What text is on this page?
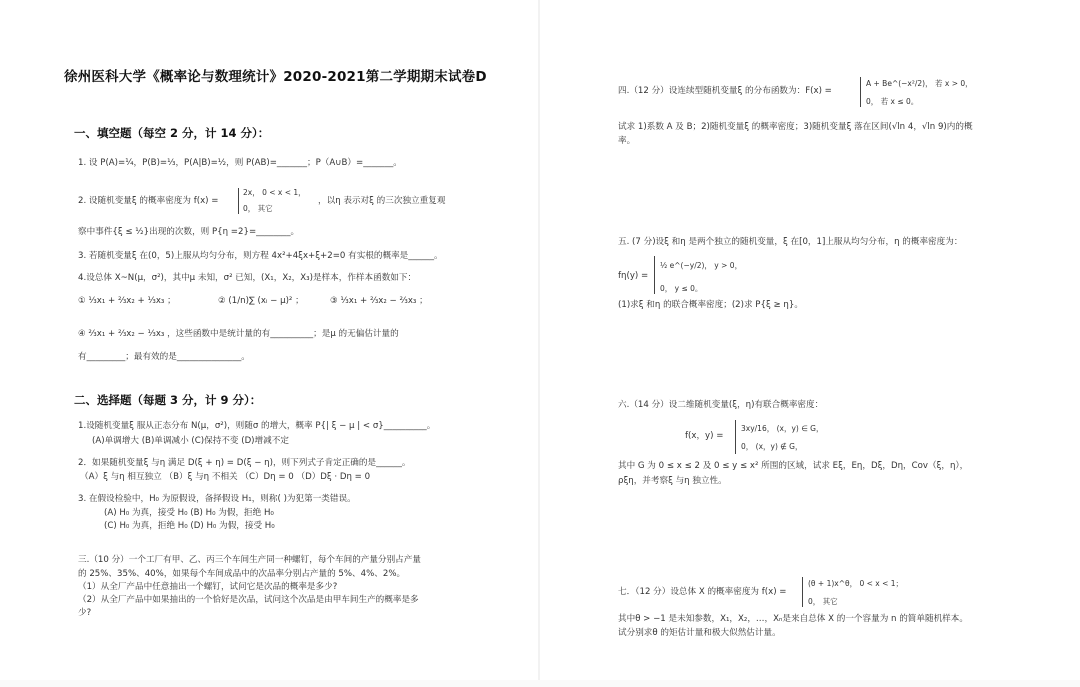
徐州医科大学《概率论与数理统计》2020-2021第二学期期末试卷D
一、填空题（每空 2 分，计 14 分）：
1. 设 P(A)=¼，P(B)=⅓，P(A|B)=½，则 P(AB)=_______；P（A∪B）=_______。
2. 设随机变量ξ 的概率密度为 f(x) =
2x， 0 < x < 1，
0， 其它
，以η 表示对ξ 的三次独立重复观
察中事件{ξ ≤ ½}出现的次数，则 P{η =2}=________。
3. 若随机变量ξ 在(0，5)上服从均匀分布，则方程 4x²+4ξx+ξ+2=0 有实根的概率是______。
4.设总体 X~N(μ，σ²)，其中μ 未知，σ² 已知，(X₁，X₂，X₃)是样本，作样本函数如下：
① ⅓x₁ + ⅔x₂ + ⅓x₃ ；	② (1/n)∑ (xᵢ − μ)² ；	③ ⅓x₁ + ⅔x₂ − ⅔x₃ ；
④ ⅔x₁ + ⅔x₂ − ⅓x₃ ，这些函数中是统计量的有__________；是μ 的无偏估计量的
有_________；最有效的是_______________。
二、选择题（每题 3 分，计 9 分）：
1.设随机变量ξ 服从正态分布 N(μ，σ²)，则随σ 的增大，概率 P{| ξ − μ | < σ}__________。
(A)单调增大 (B)单调减小 (C)保持不变 (D)增减不定
2．如果随机变量ξ 与η 满足 D(ξ + η) = D(ξ − η)，则下列式子肯定正确的是______。
（A）ξ 与η 相互独立 （B）ξ 与η 不相关 （C）Dη = 0 （D）Dξ · Dη = 0
3. 在假设检验中，H₀ 为原假设，备择假设 H₁，则称( )为犯第一类错误。
(A) H₀ 为真，接受 H₀ (B) H₀ 为假，拒绝 H₀
(C) H₀ 为真，拒绝 H₀ (D) H₀ 为假，接受 H₀
三.（10 分）一个工厂有甲、乙、丙三个车间生产同一种螺钉，每个车间的产量分别占产量
的 25%、35%、40%，如果每个车间成品中的次品率分别占产量的 5%、4%、2%。
（1）从全厂产品中任意抽出一个螺钉，试问它是次品的概率是多少?
（2）从全厂产品中如果抽出的一个恰好是次品，试问这个次品是由甲车间生产的概率是多
少?
四.（12 分）设连续型随机变量ξ 的分布函数为：F(x) =
A + Be^(−x²/2)， 若 x > 0，
0， 若 x ≤ 0。
试求 1)系数 A 及 B；2)随机变量ξ 的概率密度；3)随机变量ξ 落在区间(√ln 4，√ln 9)内的概
率。
五. (7 分)设ξ 和η 是两个独立的随机变量，ξ 在[0，1]上服从均匀分布，η 的概率密度为：
fη(y) =
½ e^(−y/2)， y > 0，
0， y ≤ 0。
(1)求ξ 和η 的联合概率密度；(2)求 P{ξ ≥ η}。
六.（14 分）设二维随机变量(ξ，η)有联合概率密度：
f(x，y) =
3xy/16， (x，y) ∈ G，
0， (x，y) ∉ G，
其中 G 为 0 ≤ x ≤ 2 及 0 ≤ y ≤ x² 所围的区域，试求 Eξ，Eη，Dξ，Dη，Cov（ξ，η），
ρξη，并考察ξ 与η 独立性。
七．（12 分）设总体 X 的概率密度为 f(x) =
(θ + 1)x^θ， 0 < x < 1；
0， 其它
其中θ > −1 是未知参数，X₁，X₂，…，Xₙ是来自总体 X 的一个容量为 n 的简单随机样本。
试分别求θ 的矩估计量和极大似然估计量。
